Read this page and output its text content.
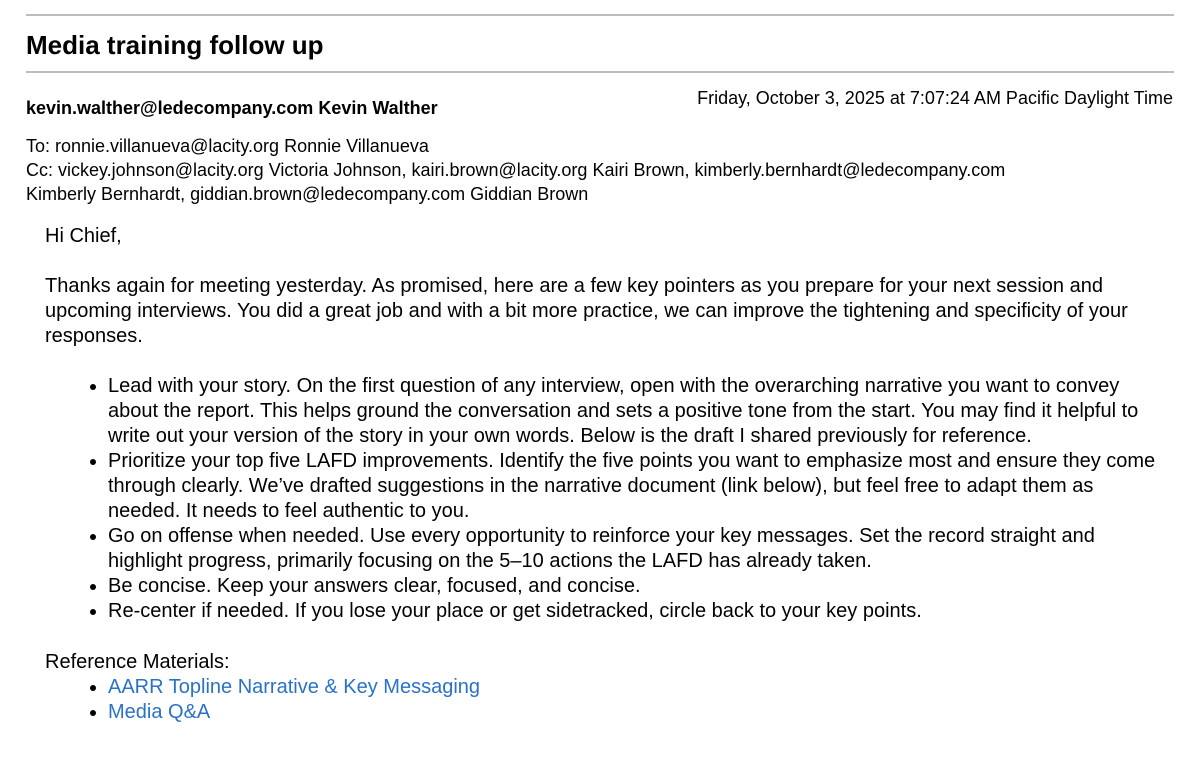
Media training follow up
kevin.walther@ledecompany.com Kevin Walther	Friday, October 3, 2025 at 7:07:24 AM Pacific Daylight Time
To: ronnie.villanueva@lacity.org Ronnie Villanueva
Cc: vickey.johnson@lacity.org Victoria Johnson, kairi.brown@lacity.org Kairi Brown, kimberly.bernhardt@ledecompany.com
Kimberly Bernhardt, giddian.brown@ledecompany.com Giddian Brown

Hi Chief,

Thanks again for meeting yesterday. As promised, here are a few key pointers as you prepare for your next session and upcoming interviews. You did a great job and with a bit more practice, we can improve the tightening and specificity of your responses.

• Lead with your story. On the first question of any interview, open with the overarching narrative you want to convey about the report. This helps ground the conversation and sets a positive tone from the start. You may find it helpful to write out your version of the story in your own words. Below is the draft I shared previously for reference.
• Prioritize your top five LAFD improvements. Identify the five points you want to emphasize most and ensure they come through clearly. We’ve drafted suggestions in the narrative document (link below), but feel free to adapt them as needed. It needs to feel authentic to you.
• Go on offense when needed. Use every opportunity to reinforce your key messages. Set the record straight and highlight progress, primarily focusing on the 5–10 actions the LAFD has already taken.
• Be concise. Keep your answers clear, focused, and concise.
• Re-center if needed. If you lose your place or get sidetracked, circle back to your key points.

Reference Materials:

• AARR Topline Narrative & Key Messaging
• Media Q&A
